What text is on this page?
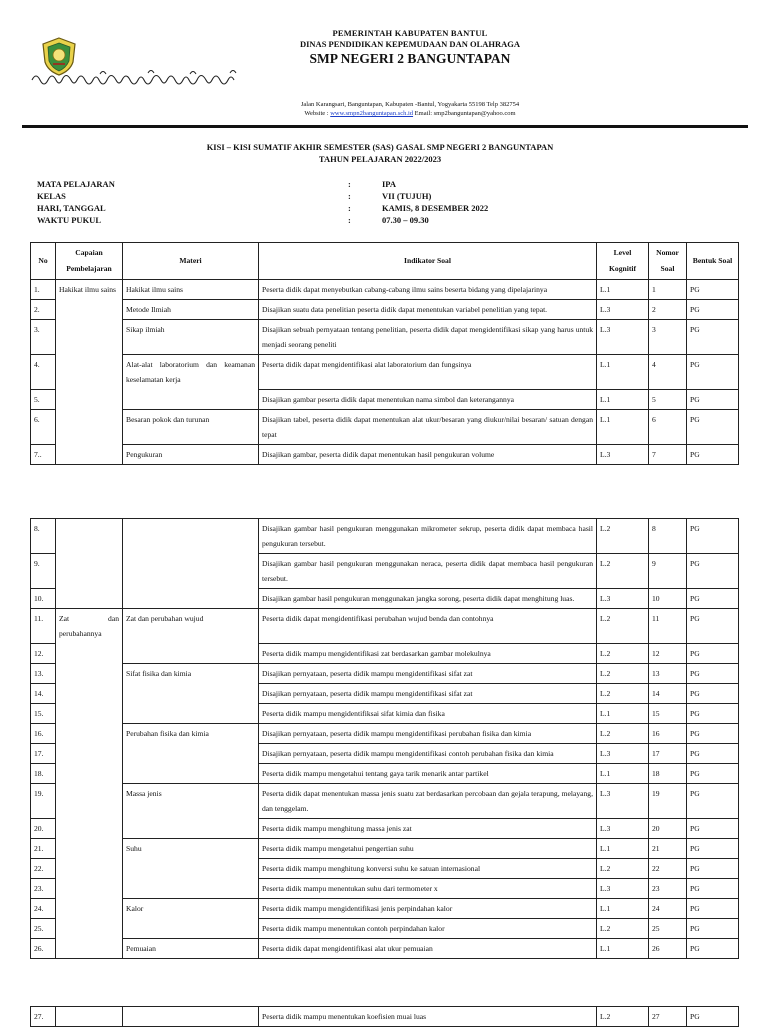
PEMERINTAH KABUPATEN BANTUL
DINAS PENDIDIKAN KEPEMUDAAN DAN OLAHRAGA
SMP NEGERI 2 BANGUNTAPAN
Jalan Karangsari, Banguntapan, Kabupaten -Bantul, Yogyakarta 55198 Telp 382754
Website : www.smpn2banguntapan.sch.id Email: smp2banguntapan@yahoo.com
KISI – KISI SUMATIF AKHIR SEMESTER (SAS) GASAL SMP NEGERI 2 BANGUNTAPAN
TAHUN PELAJARAN 2022/2023
MATA PELAJARAN	:	IPA
KELAS	:	VII (TUJUH)
HARI, TANGGAL	:	KAMIS, 8 DESEMBER 2022
WAKTU PUKUL	:	07.30 – 09.30
No	Capaian Pembelajaran	Materi	Indikator Soal	Level Kognitif	Nomor Soal	Bentuk Soal
1.	Hakikat ilmu sains	Hakikat ilmu sains	Peserta didik dapat menyebutkan cabang-cabang ilmu sains beserta bidang yang dipelajarinya	L.1	1	PG
2.		Metode Ilmiah	Disajikan suatu data penelitian peserta didik dapat menentukan variabel penelitian yang tepat.	L.3	2	PG
3.		Sikap ilmiah	Disajikan sebuah pernyataan tentang penelitian, peserta didik dapat mengidentifikasi sikap yang harus untuk menjadi seorang peneliti	L.3	3	PG
4.		Alat-alat laboratorium dan keamanan keselamatan kerja	Peserta didik dapat mengidentifikasi alat laboratorium dan fungsinya	L.1	4	PG
5.			Disajikan gambar peserta didik dapat menentukan nama simbol dan keterangannya	L.1	5	PG
6.		Besaran pokok dan turunan	Disajikan tabel, peserta didik dapat menentukan alat ukur/besaran yang diukur/nilai besaran/ satuan dengan tepat	L.1	6	PG
7..		Pengukuran	Disajikan gambar, peserta didik dapat menentukan hasil pengukuran volume	L.3	7	PG
8.			Disajikan gambar hasil pengukuran menggunakan mikrometer sekrup, peserta didik dapat membaca hasil pengukuran tersebut.	L.2	8	PG
9.			Disajikan gambar hasil pengukuran menggunakan neraca, peserta didik dapat membaca hasil pengukuran tersebut.	L.2	9	PG
10.			Disajikan gambar hasil pengukuran menggunakan jangka sorong, peserta didik dapat menghitung luas.	L.3	10	PG
11.	Zat dan perubahannya	Zat dan perubahan wujud	Peserta didik dapat mengidentifikasi perubahan wujud benda dan contohnya	L.2	11	PG
12.			Peserta didik mampu mengidentifikasi zat berdasarkan gambar molekulnya	L.2	12	PG
13.		Sifat fisika dan kimia	Disajikan pernyataan, peserta didik mampu mengidentifikasi sifat zat	L.2	13	PG
14.			Disajikan pernyataan, peserta didik mampu mengidentifikasi sifat zat	L.2	14	PG
15.			Peserta didik mampu mengidentifiksai sifat kimia dan fisika	L.1	15	PG
16.		Perubahan fisika dan kimia	Disajikan pernyataan, peserta didik mampu mengidentifikasi perubahan fisika dan kimia	L.2	16	PG
17.			Disajikan pernyataan, peserta didik mampu mengidentifikasi contoh perubahan fisika dan kimia	L.3	17	PG
18.			Peserta didik mampu mengetahui tentang gaya tarik menarik antar partikel	L.1	18	PG
19.		Massa jenis	Peserta didik dapat menentukan massa jenis suatu zat berdasarkan percobaan dan gejala terapung, melayang, dan tenggelam.	L.3	19	PG
20.			Peserta didik mampu menghitung massa jenis zat	L.3	20	PG
21.		Suhu	Peserta didik mampu mengetahui pengertian suhu	L.1	21	PG
22.			Peserta didik mampu menghitung konversi suhu ke satuan internasional	L.2	22	PG
23.			Peserta didik mampu menentukan suhu dari termometer x	L.3	23	PG
24.		Kalor	Peserta didik mampu mengidentifikasi jenis perpindahan kalor	L.1	24	PG
25.			Peserta didik mampu menentukan contoh perpindahan kalor	L.2	25	PG
26.		Pemuaian	Peserta didik dapat mengidentifikasi alat ukur pemuaian	L.1	26	PG
27.			Peserta didik mampu menentukan koefisien muai luas	L.2	27	PG
